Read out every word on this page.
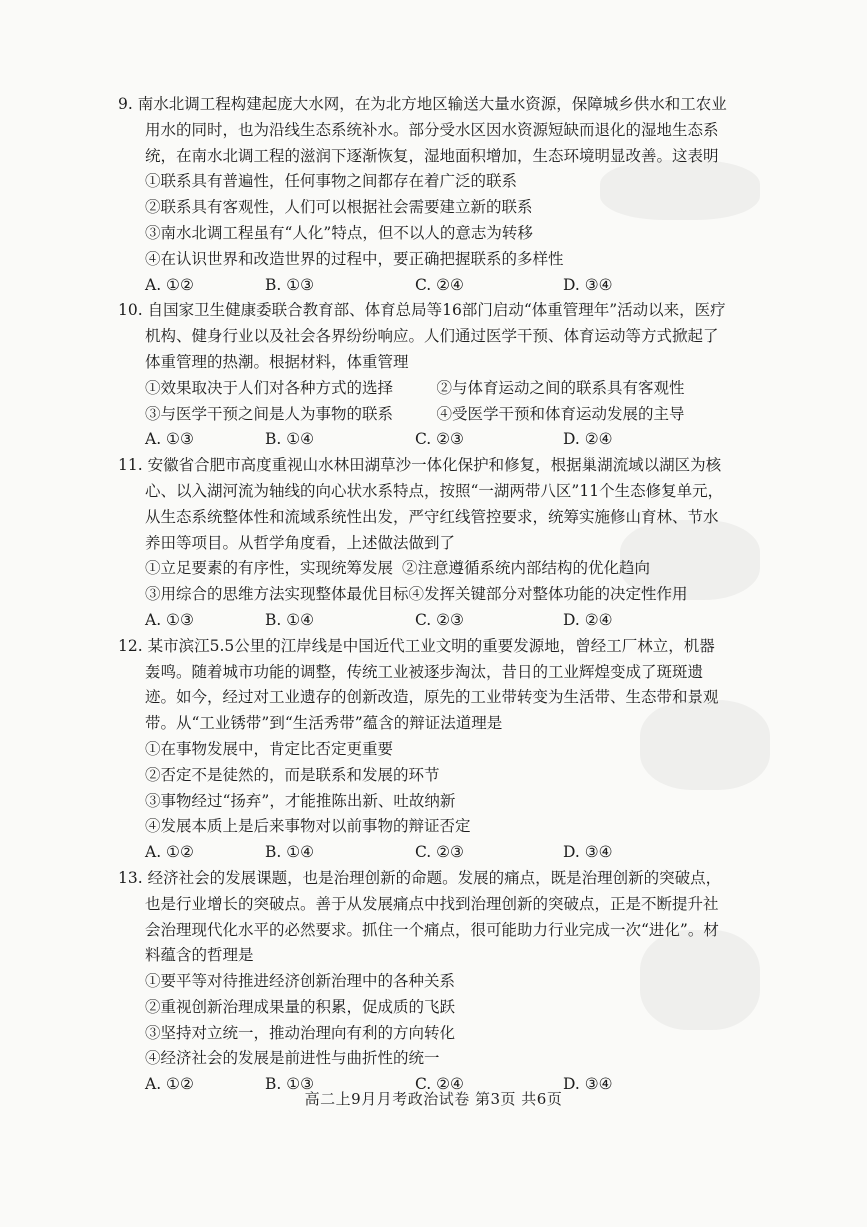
9. 南水北调工程构建起庞大水网，在为北方地区输送大量水资源，保障城乡供水和工农业用水的同时，也为沿线生态系统补水。部分受水区因水资源短缺而退化的湿地生态系统，在南水北调工程的滋润下逐渐恢复，湿地面积增加，生态环境明显改善。这表明
①联系具有普遍性，任何事物之间都存在着广泛的联系
②联系具有客观性，人们可以根据社会需要建立新的联系
③南水北调工程虽有“人化”特点，但不以人的意志为转移
④在认识世界和改造世界的过程中，要正确把握联系的多样性
A. ①②	B. ①③	C. ②④	D. ③④
10. 自国家卫生健康委联合教育部、体育总局等16部门启动“体重管理年”活动以来，医疗机构、健身行业以及社会各界纷纷响应。人们通过医学干预、体育运动等方式掀起了体重管理的热潮。根据材料，体重管理
①效果取决于人们对各种方式的选择	②与体育运动之间的联系具有客观性
③与医学干预之间是人为事物的联系	④受医学干预和体育运动发展的主导
A. ①③	B. ①④	C. ②③	D. ②④
11. 安徽省合肥市高度重视山水林田湖草沙一体化保护和修复，根据巢湖流域以湖区为核心、以入湖河流为轴线的向心状水系特点，按照“一湖两带八区”11个生态修复单元，从生态系统整体性和流域系统性出发，严守红线管控要求，统筹实施修山育林、节水养田等项目。从哲学角度看，上述做法做到了
①立足要素的有序性，实现统筹发展 ②注意遵循系统内部结构的优化趋向
③用综合的思维方法实现整体最优目标 ④发挥关键部分对整体功能的决定性作用
A. ①③	B. ①④	C. ②③	D. ②④
12. 某市滨江5.5公里的江岸线是中国近代工业文明的重要发源地，曾经工厂林立，机器轰鸣。随着城市功能的调整，传统工业被逐步淘汰，昔日的工业辉煌变成了斑斑遗迹。如今，经过对工业遗存的创新改造，原先的工业带转变为生活带、生态带和景观带。从“工业锈带”到“生活秀带”蕴含的辩证法道理是
①在事物发展中，肯定比否定更重要
②否定不是徒然的，而是联系和发展的环节
③事物经过“扬弃”，才能推陈出新、吐故纳新
④发展本质上是后来事物对以前事物的辩证否定
A. ①②	B. ①④	C. ②③	D. ③④
13. 经济社会的发展课题，也是治理创新的命题。发展的痛点，既是治理创新的突破点，也是行业增长的突破点。善于从发展痛点中找到治理创新的突破点，正是不断提升社会治理现代化水平的必然要求。抓住一个痛点，很可能助力行业完成一次“进化”。材料蕴含的哲理是
①要平等对待推进经济创新治理中的各种关系
②重视创新治理成果量的积累，促成质的飞跃
③坚持对立统一，推动治理向有利的方向转化
④经济社会的发展是前进性与曲折性的统一
A. ①②	B. ①③	C. ②④	D. ③④
高二上9月月考政治试卷 第3页 共6页
